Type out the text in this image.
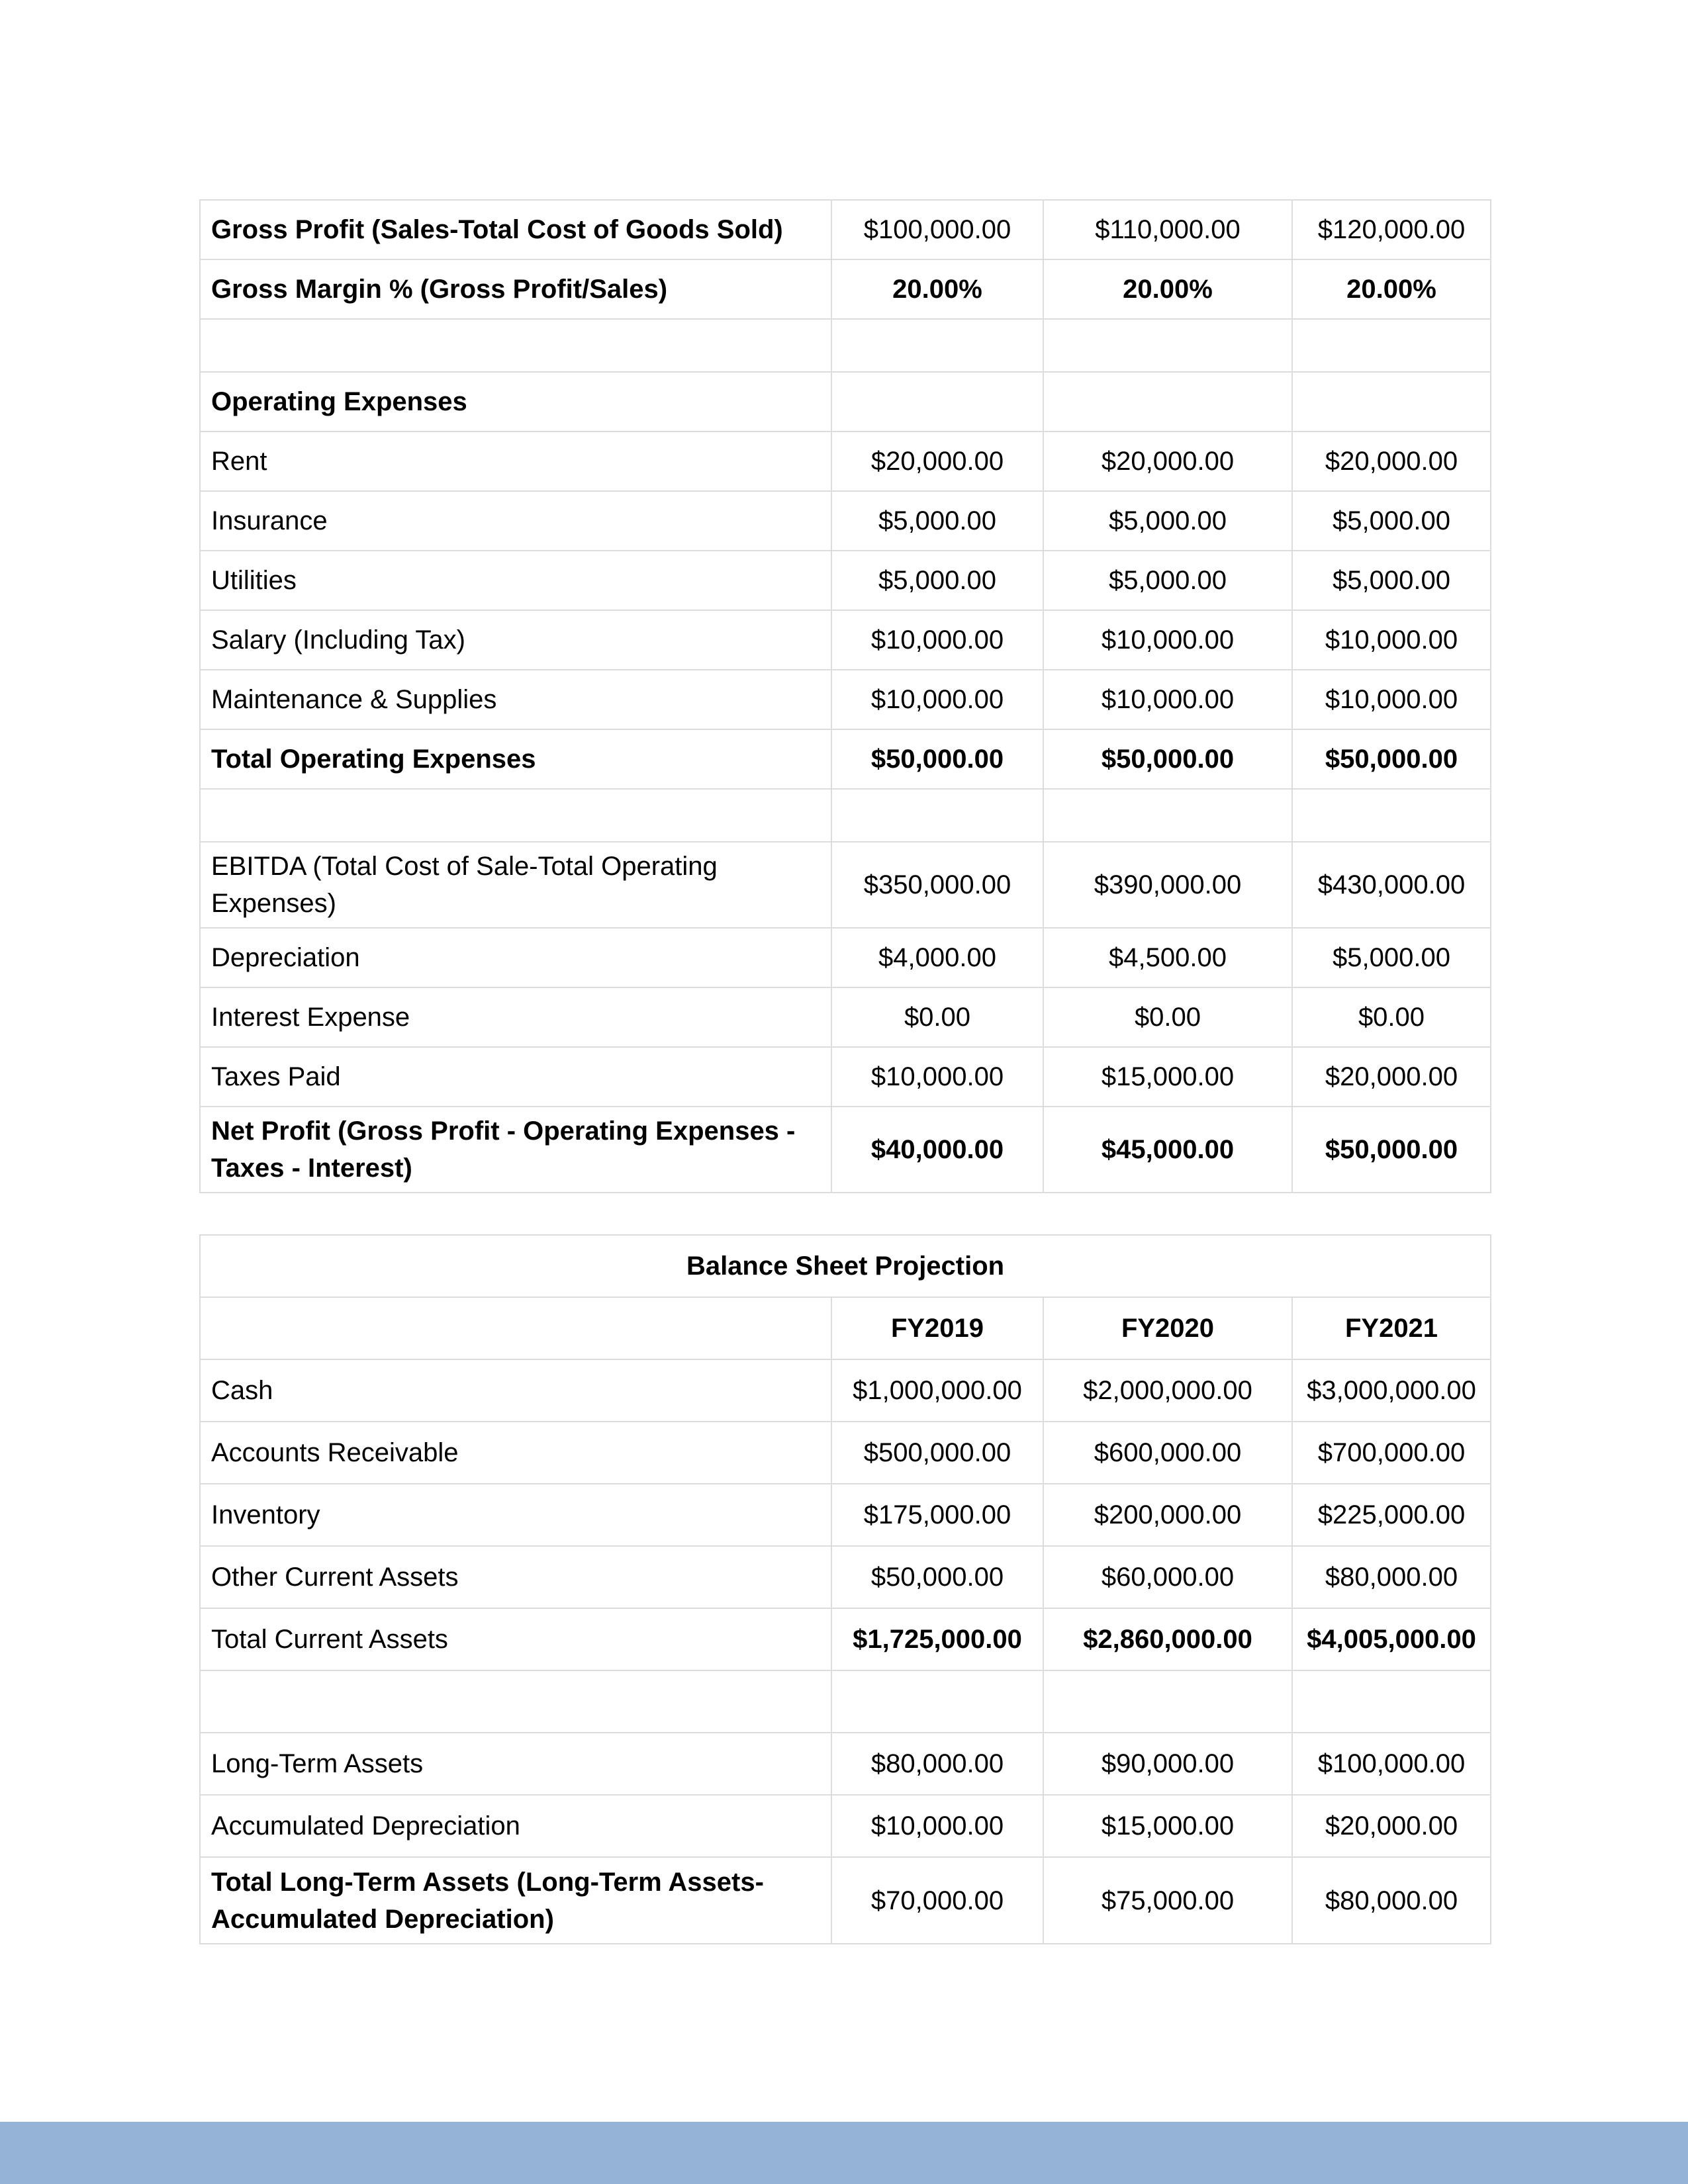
Gross Profit (Sales-Total Cost of Goods Sold)	$100,000.00	$110,000.00	$120,000.00
Gross Margin % (Gross Profit/Sales)	20.00%	20.00%	20.00%

Operating Expenses			
Rent	$20,000.00	$20,000.00	$20,000.00
Insurance	$5,000.00	$5,000.00	$5,000.00
Utilities	$5,000.00	$5,000.00	$5,000.00
Salary (Including Tax)	$10,000.00	$10,000.00	$10,000.00
Maintenance & Supplies	$10,000.00	$10,000.00	$10,000.00
Total Operating Expenses	$50,000.00	$50,000.00	$50,000.00

EBITDA (Total Cost of Sale-Total Operating Expenses)	$350,000.00	$390,000.00	$430,000.00
Depreciation	$4,000.00	$4,500.00	$5,000.00
Interest Expense	$0.00	$0.00	$0.00
Taxes Paid	$10,000.00	$15,000.00	$20,000.00
Net Profit (Gross Profit - Operating Expenses - Taxes - Interest)	$40,000.00	$45,000.00	$50,000.00
Balance Sheet Projection			
	FY2019	FY2020	FY2021
Cash	$1,000,000.00	$2,000,000.00	$3,000,000.00
Accounts Receivable	$500,000.00	$600,000.00	$700,000.00
Inventory	$175,000.00	$200,000.00	$225,000.00
Other Current Assets	$50,000.00	$60,000.00	$80,000.00
Total Current Assets	$1,725,000.00	$2,860,000.00	$4,005,000.00

Long-Term Assets	$80,000.00	$90,000.00	$100,000.00
Accumulated Depreciation	$10,000.00	$15,000.00	$20,000.00
Total Long-Term Assets (Long-Term Assets-Accumulated Depreciation)	$70,000.00	$75,000.00	$80,000.00
